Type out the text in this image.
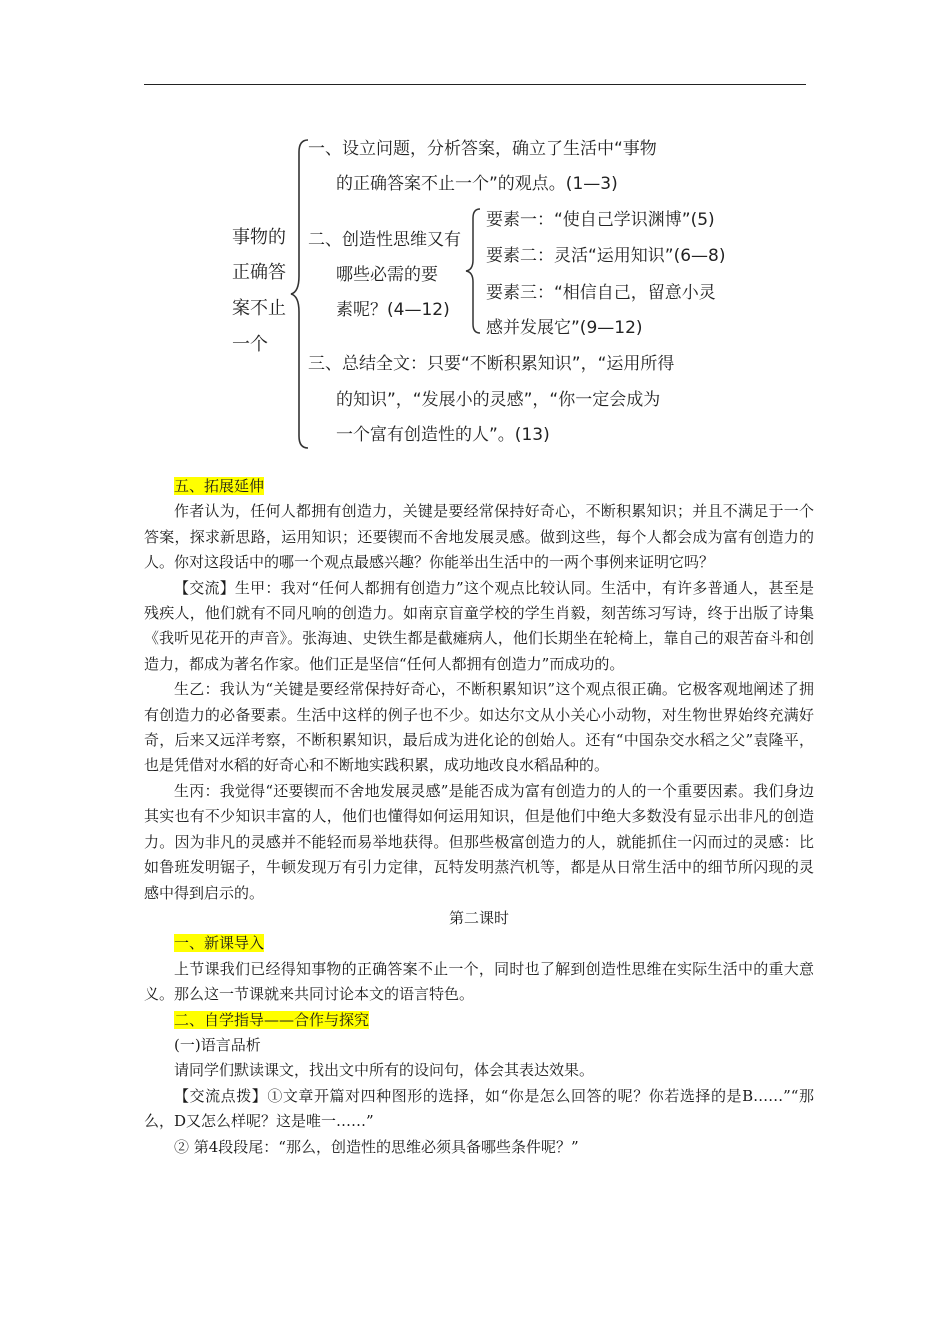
事物的
正确答
案不止
一个
一、设立问题，分析答案，确立了生活中“事物
的正确答案不止一个”的观点。(1—3)
二、创造性思维又有
哪些必需的要
素呢？(4—12)
要素一：“使自己学识渊博”(5)
要素二：灵活“运用知识”(6—8)
要素三：“相信自己，留意小灵
感并发展它”(9—12)
三、总结全文：只要“不断积累知识”，“运用所得
的知识”，“发展小的灵感”，“你一定会成为
一个富有创造性的人”。(13)

五、拓展延伸

作者认为，任何人都拥有创造力，关键是要经常保持好奇心，不断积累知识；并且不满足于一个答案，探求新思路，运用知识；还要锲而不舍地发展灵感。做到这些，每个人都会成为富有创造力的人。你对这段话中的哪一个观点最感兴趣？你能举出生活中的一两个事例来证明它吗？

【交流】生甲：我对“任何人都拥有创造力”这个观点比较认同。生活中，有许多普通人，甚至是残疾人，他们就有不同凡响的创造力。如南京盲童学校的学生肖毅，刻苦练习写诗，终于出版了诗集《我听见花开的声音》。张海迪、史铁生都是截瘫病人，他们长期坐在轮椅上，靠自己的艰苦奋斗和创造力，都成为著名作家。他们正是坚信“任何人都拥有创造力”而成功的。

生乙：我认为“关键是要经常保持好奇心，不断积累知识”这个观点很正确。它极客观地阐述了拥有创造力的必备要素。生活中这样的例子也不少。如达尔文从小关心小动物，对生物世界始终充满好奇，后来又远洋考察，不断积累知识，最后成为进化论的创始人。还有“中国杂交水稻之父”袁隆平，也是凭借对水稻的好奇心和不断地实践积累，成功地改良水稻品种的。

生丙：我觉得“还要锲而不舍地发展灵感”是能否成为富有创造力的人的一个重要因素。我们身边其实也有不少知识丰富的人，他们也懂得如何运用知识，但是他们中绝大多数没有显示出非凡的创造力。因为非凡的灵感并不能轻而易举地获得。但那些极富创造力的人，就能抓住一闪而过的灵感：比如鲁班发明锯子，牛顿发现万有引力定律，瓦特发明蒸汽机等，都是从日常生活中的细节所闪现的灵感中得到启示的。

第二课时

一、新课导入

上节课我们已经得知事物的正确答案不止一个，同时也了解到创造性思维在实际生活中的重大意义。那么这一节课就来共同讨论本文的语言特色。

二、自学指导——合作与探究

(一)语言品析

请同学们默读课文，找出文中所有的设问句，体会其表达效果。

【交流点拨】①文章开篇对四种图形的选择，如“你是怎么回答的呢？你若选择的是B……”“那么，D又怎么样呢？这是唯一……”

② 第4段段尾：“那么，创造性的思维必须具备哪些条件呢？”
